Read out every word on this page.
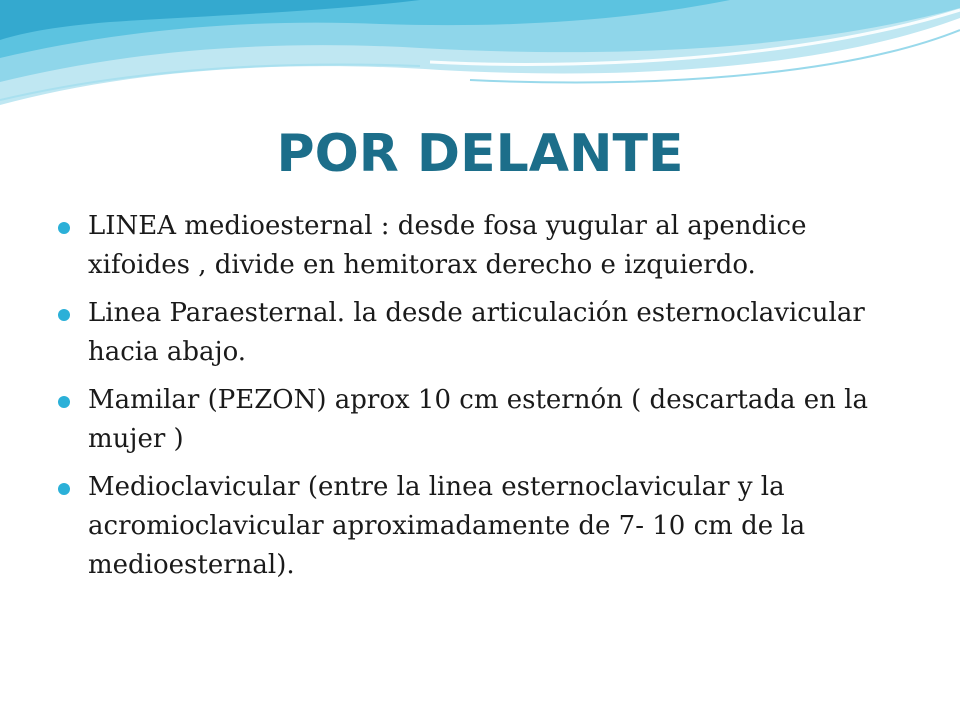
POR DELANTE
LINEA medioesternal : desde fosa yugular al apendice xifoides , divide en hemitorax derecho e izquierdo.
Linea Paraesternal. la desde articulación esternoclavicular hacia abajo.
Mamilar (PEZON) aprox 10 cm esternón ( descartada en la mujer )
Medioclavicular (entre la linea esternoclavicular y la acromioclavicular aproximadamente de 7- 10 cm de la medioesternal).
